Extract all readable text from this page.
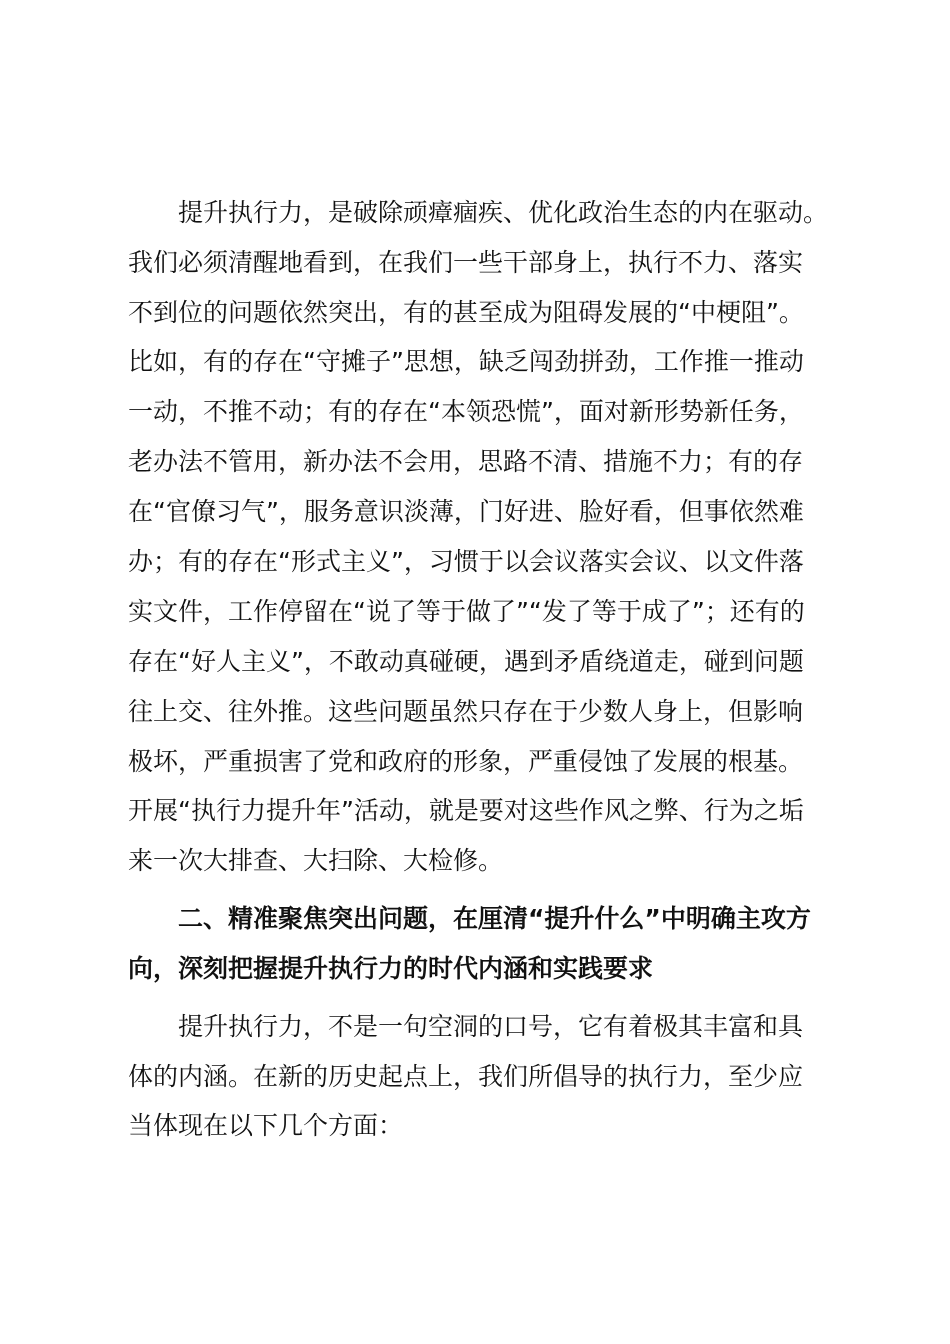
提升执行力，是破除顽瘴痼疾、优化政治生态的内在驱动。
我们必须清醒地看到，在我们一些干部身上，执行不力、落实
不到位的问题依然突出，有的甚至成为阻碍发展的“中梗阻”。
比如，有的存在“守摊子”思想，缺乏闯劲拼劲，工作推一推动
一动，不推不动；有的存在“本领恐慌”，面对新形势新任务，
老办法不管用，新办法不会用，思路不清、措施不力；有的存
在“官僚习气”，服务意识淡薄，门好进、脸好看，但事依然难
办；有的存在“形式主义”，习惯于以会议落实会议、以文件落
实文件，工作停留在“说了等于做了”“发了等于成了”；还有的
存在“好人主义”，不敢动真碰硬，遇到矛盾绕道走，碰到问题
往上交、往外推。这些问题虽然只存在于少数人身上，但影响
极坏，严重损害了党和政府的形象，严重侵蚀了发展的根基。
开展“执行力提升年”活动，就是要对这些作风之弊、行为之垢
来一次大排查、大扫除、大检修。
二、精准聚焦突出问题，在厘清“提升什么”中明确主攻方
向，深刻把握提升执行力的时代内涵和实践要求
提升执行力，不是一句空洞的口号，它有着极其丰富和具
体的内涵。在新的历史起点上，我们所倡导的执行力，至少应
当体现在以下几个方面：
